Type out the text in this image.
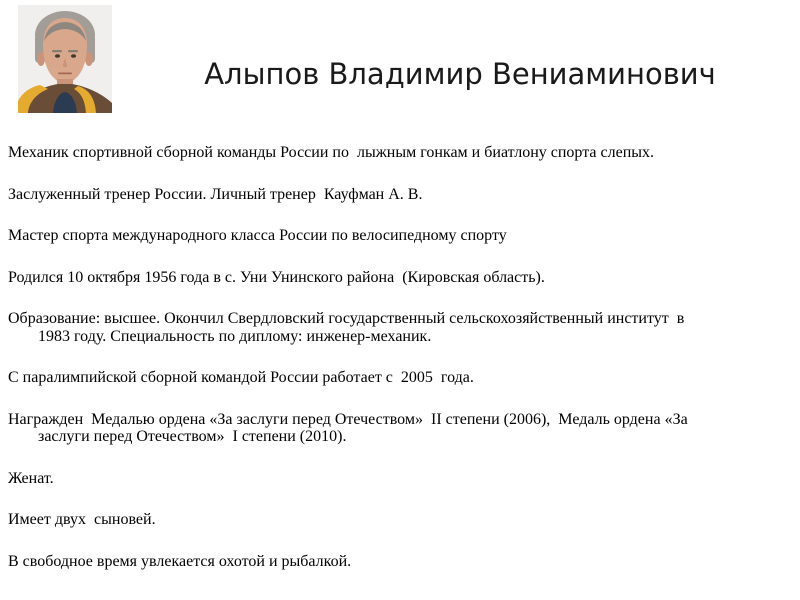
Алыпов Владимир Вениаминович

Механик спортивной сборной команды России по  лыжным гонкам и биатлону спорта слепых.

Заслуженный тренер России. Личный тренер  Кауфман А. В.

Мастер спорта международного класса России по велосипедному спорту

Родился 10 октября 1956 года в с. Уни Унинского района  (Кировская область).

Образование: высшее. Окончил Свердловский государственный сельскохозяйственный институт  в
1983 году. Специальность по диплому: инженер-механик.

С паралимпийской сборной командой России работает с  2005  года.

Награжден  Медалью ордена «За заслуги перед Отечеством»  II степени (2006),  Медаль ордена «За
заслуги перед Отечеством»  I степени (2010).

Женат.

Имеет двух  сыновей.

В свободное время увлекается охотой и рыбалкой.
